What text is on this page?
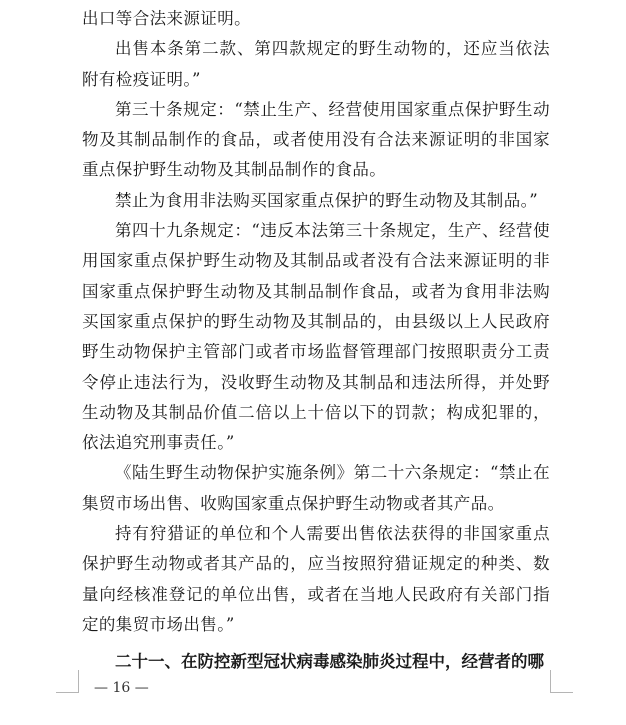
出口等合法来源证明。

出售本条第二款、第四款规定的野生动物的，还应当依法附有检疫证明。”

第三十条规定：“禁止生产、经营使用国家重点保护野生动物及其制品制作的食品，或者使用没有合法来源证明的非国家重点保护野生动物及其制品制作的食品。

禁止为食用非法购买国家重点保护的野生动物及其制品。”

第四十九条规定：“违反本法第三十条规定，生产、经营使用国家重点保护野生动物及其制品或者没有合法来源证明的非国家重点保护野生动物及其制品制作食品，或者为食用非法购买国家重点保护的野生动物及其制品的，由县级以上人民政府野生动物保护主管部门或者市场监督管理部门按照职责分工责令停止违法行为，没收野生动物及其制品和违法所得，并处野生动物及其制品价值二倍以上十倍以下的罚款；构成犯罪的，依法追究刑事责任。”

《陆生野生动物保护实施条例》第二十六条规定：“禁止在集贸市场出售、收购国家重点保护野生动物或者其产品。

持有狩猎证的单位和个人需要出售依法获得的非国家重点保护野生动物或者其产品的，应当按照狩猎证规定的种类、数量向经核准登记的单位出售，或者在当地人民政府有关部门指定的集贸市场出售。”

二十一、在防控新型冠状病毒感染肺炎过程中，经营者的哪

— 16 —
